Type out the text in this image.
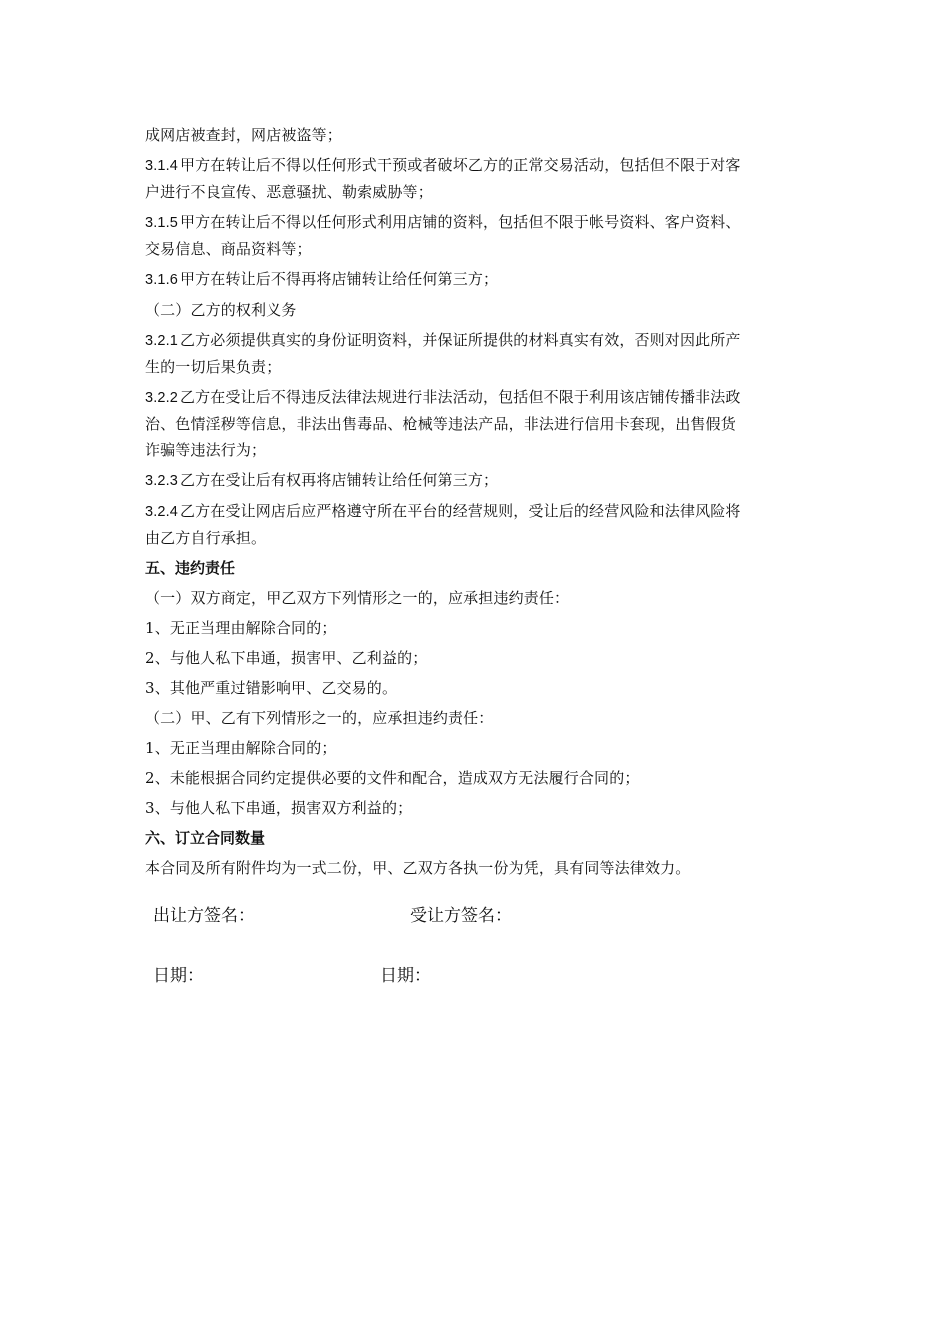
成网店被查封，网店被盗等；
3.1.4 甲方在转让后不得以任何形式干预或者破坏乙方的正常交易活动，包括但不限于对客
户进行不良宣传、恶意骚扰、勒索威胁等；
3.1.5 甲方在转让后不得以任何形式利用店铺的资料，包括但不限于帐号资料、客户资料、
交易信息、商品资料等；
3.1.6 甲方在转让后不得再将店铺转让给任何第三方；
（二）乙方的权利义务
3.2.1 乙方必须提供真实的身份证明资料，并保证所提供的材料真实有效，否则对因此所产
生的一切后果负责；
3.2.2 乙方在受让后不得违反法律法规进行非法活动，包括但不限于利用该店铺传播非法政
治、色情淫秽等信息，非法出售毒品、枪械等违法产品，非法进行信用卡套现，出售假货
诈骗等违法行为；
3.2.3 乙方在受让后有权再将店铺转让给任何第三方；
3.2.4 乙方在受让网店后应严格遵守所在平台的经营规则，受让后的经营风险和法律风险将
由乙方自行承担。
五、违约责任
（一）双方商定，甲乙双方下列情形之一的，应承担违约责任：
1、无正当理由解除合同的；
2、与他人私下串通，损害甲、乙利益的；
3、其他严重过错影响甲、乙交易的。
（二）甲、乙有下列情形之一的，应承担违约责任：
1、无正当理由解除合同的；
2、未能根据合同约定提供必要的文件和配合，造成双方无法履行合同的；
3、与他人私下串通，损害双方利益的；
六、订立合同数量
本合同及所有附件均为一式二份，甲、乙双方各执一份为凭，具有同等法律效力。
出让方签名：	受让方签名：
日期：	日期：
